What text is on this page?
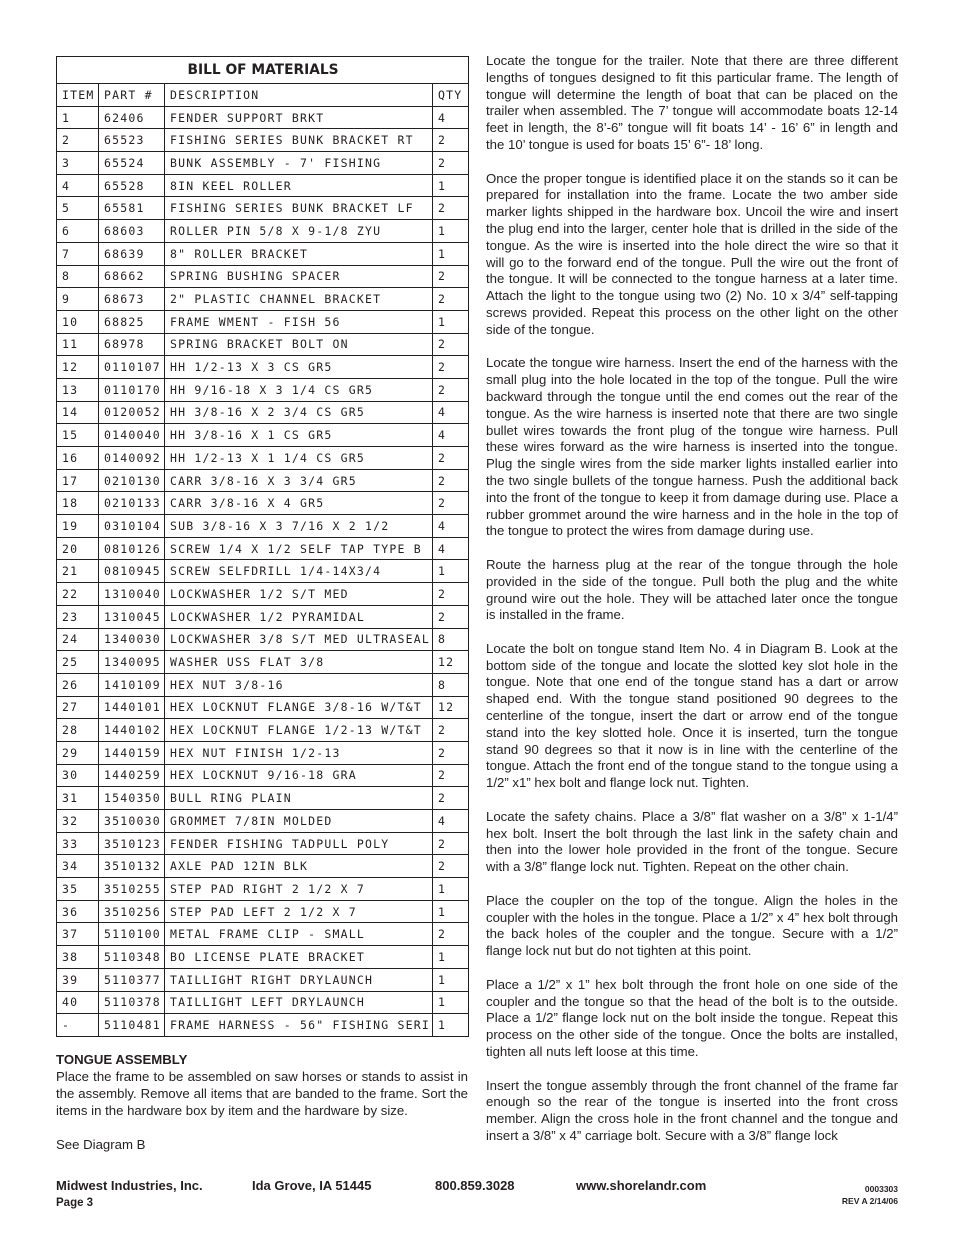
BILL OF MATERIALS			
ITEM	PART #	DESCRIPTION	QTY
1	62406	FENDER SUPPORT BRKT	4
2	65523	FISHING SERIES BUNK BRACKET RT	2
3	65524	BUNK ASSEMBLY - 7' FISHING	2
4	65528	8IN KEEL ROLLER	1
5	65581	FISHING SERIES BUNK BRACKET LF	2
6	68603	ROLLER PIN 5/8 X 9-1/8 ZYU	1
7	68639	8" ROLLER BRACKET	1
8	68662	SPRING BUSHING SPACER	2
9	68673	2" PLASTIC CHANNEL BRACKET	2
10	68825	FRAME WMENT - FISH 56	1
11	68978	SPRING BRACKET BOLT ON	2
12	0110107	HH 1/2-13 X 3 CS GR5	2
13	0110170	HH 9/16-18 X 3 1/4 CS GR5	2
14	0120052	HH 3/8-16 X 2 3/4 CS GR5	4
15	0140040	HH 3/8-16 X 1 CS GR5	4
16	0140092	HH 1/2-13 X 1 1/4 CS GR5	2
17	0210130	CARR 3/8-16 X 3 3/4 GR5	2
18	0210133	CARR 3/8-16 X 4 GR5	2
19	0310104	SUB 3/8-16 X 3 7/16 X 2 1/2	4
20	0810126	SCREW 1/4 X 1/2 SELF TAP TYPE B	4
21	0810945	SCREW SELFDRILL 1/4-14X3/4	1
22	1310040	LOCKWASHER 1/2 S/T MED	2
23	1310045	LOCKWASHER 1/2 PYRAMIDAL	2
24	1340030	LOCKWASHER 3/8 S/T MED ULTRASEAL	8
25	1340095	WASHER USS FLAT 3/8	12
26	1410109	HEX NUT 3/8-16	8
27	1440101	HEX LOCKNUT FLANGE 3/8-16 W/T&T	12
28	1440102	HEX LOCKNUT FLANGE 1/2-13 W/T&T	2
29	1440159	HEX NUT FINISH 1/2-13	2
30	1440259	HEX LOCKNUT 9/16-18 GRA	2
31	1540350	BULL RING PLAIN	2
32	3510030	GROMMET 7/8IN MOLDED	4
33	3510123	FENDER FISHING TADPULL POLY	2
34	3510132	AXLE PAD 12IN BLK	2
35	3510255	STEP PAD RIGHT 2 1/2 X 7	1
36	3510256	STEP PAD LEFT 2 1/2 X 7	1
37	5110100	METAL FRAME CLIP - SMALL	2
38	5110348	BO LICENSE PLATE BRACKET	1
39	5110377	TAILLIGHT RIGHT DRYLAUNCH	1
40	5110378	TAILLIGHT LEFT DRYLAUNCH	1
-	5110481	FRAME HARNESS - 56" FISHING SERI	1
TONGUE ASSEMBLY

Place the frame to be assembled on saw horses or stands to assist in the assembly. Remove all items that are banded to the frame. Sort the items in the hardware box by item and the hardware by size.

See Diagram B

Locate the tongue for the trailer. Note that there are three different lengths of tongues designed to fit this particular frame. The length of tongue will determine the length of boat that can be placed on the trailer when assembled. The 7’ tongue will accommodate boats 12-14 feet in length, the 8’-6” tongue will fit boats 14’ - 16’ 6” in length and the 10’ tongue is used for boats 15’ 6”- 18’ long.

Once the proper tongue is identified place it on the stands so it can be prepared for installation into the frame. Locate the two amber side marker lights shipped in the hardware box. Uncoil the wire and insert the plug end into the larger, center hole that is drilled in the side of the tongue. As the wire is inserted into the hole direct the wire so that it will go to the forward end of the tongue. Pull the wire out the front of the tongue. It will be connected to the tongue harness at a later time. Attach the light to the tongue using two (2) No. 10 x 3/4” self-tapping screws provided. Repeat this process on the other light on the other side of the tongue.

Locate the tongue wire harness. Insert the end of the harness with the small plug into the hole located in the top of the tongue. Pull the wire backward through the tongue until the end comes out the rear of the tongue. As the wire harness is inserted note that there are two single bullet wires towards the front plug of the tongue wire harness. Pull these wires forward as the wire harness is inserted into the tongue. Plug the single wires from the side marker lights installed earlier into the two single bullets of the tongue harness. Push the additional back into the front of the tongue to keep it from damage during use. Place a rubber grommet around the wire harness and in the hole in the top of the tongue to protect the wires from damage during use.

Route the harness plug at the rear of the tongue through the hole provided in the side of the tongue. Pull both the plug and the white ground wire out the hole. They will be attached later once the tongue is installed in the frame.

Locate the bolt on tongue stand Item No. 4 in Diagram B. Look at the bottom side of the tongue and locate the slotted key slot hole in the tongue. Note that one end of the tongue stand has a dart or arrow shaped end. With the tongue stand positioned 90 degrees to the centerline of the tongue, insert the dart or arrow end of the tongue stand into the key slotted hole. Once it is inserted, turn the tongue stand 90 degrees so that it now is in line with the centerline of the tongue. Attach the front end of the tongue stand to the tongue using a 1/2” x1” hex bolt and flange lock nut. Tighten.

Locate the safety chains. Place a 3/8” flat washer on a 3/8” x 1-1/4” hex bolt. Insert the bolt through the last link in the safety chain and then into the lower hole provided in the front of the tongue. Secure with a 3/8” flange lock nut. Tighten. Repeat on the other chain.

Place the coupler on the top of the tongue. Align the holes in the coupler with the holes in the tongue. Place a 1/2” x 4” hex bolt through the back holes of the coupler and the tongue. Secure with a 1/2” flange lock nut but do not tighten at this point.

Place a 1/2” x 1” hex bolt through the front hole on one side of the coupler and the tongue so that the head of the bolt is to the outside. Place a 1/2” flange lock nut on the bolt inside the tongue. Repeat this process on the other side of the tongue. Once the bolts are installed, tighten all nuts left loose at this time.

Insert the tongue assembly through the front channel of the frame far enough so the rear of the tongue is inserted into the front cross member. Align the cross hole in the front channel and the tongue and insert a 3/8” x 4” carriage bolt. Secure with a 3/8” flange lock

Midwest Industries, Inc.	Ida Grove, IA 51445	800.859.3028	www.shorelandr.com
Page 3
0003303
REV A 2/14/06
